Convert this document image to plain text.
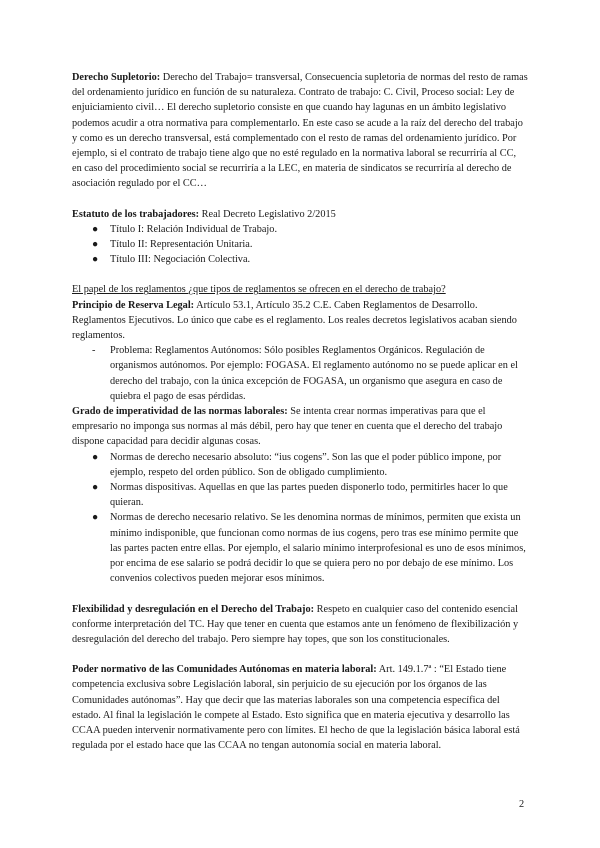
Derecho Supletorio: Derecho del Trabajo= transversal, Consecuencia supletoria de normas del resto de ramas del ordenamiento jurídico en función de su naturaleza. Contrato de trabajo: C. Civil, Proceso social: Ley de enjuiciamiento civil… El derecho supletorio consiste en que cuando hay lagunas en un ámbito legislativo podemos acudir a otra normativa para complementarlo. En este caso se acude a la raíz del derecho del trabajo y como es un derecho transversal, está complementado con el resto de ramas del ordenamiento jurídico. Por ejemplo, si el contrato de trabajo tiene algo que no esté regulado en la normativa laboral se recurriría al CC, en caso del procedimiento social se recurriría a la LEC, en materia de sindicatos se recurriría al derecho de asociación regulado por el CC…

Estatuto de los trabajadores: Real Decreto Legislativo 2/2015

● Título I: Relación Individual de Trabajo.
● Título II: Representación Unitaria.
● Título III: Negociación Colectiva.

El papel de los reglamentos ¿que tipos de reglamentos se ofrecen en el derecho de trabajo?

Principio de Reserva Legal: Artículo 53.1, Artículo 35.2 C.E. Caben Reglamentos de Desarrollo. Reglamentos Ejecutivos. Lo único que cabe es el reglamento. Los reales decretos legislativos acaban siendo reglamentos.

- Problema: Reglamentos Autónomos: Sólo posibles Reglamentos Orgánicos. Regulación de organismos autónomos. Por ejemplo: FOGASA. El reglamento autónomo no se puede aplicar en el derecho del trabajo, con la única excepción de FOGASA, un organismo que asegura en caso de quiebra el pago de esas pérdidas.

Grado de imperatividad de las normas laborales: Se intenta crear normas imperativas para que el empresario no imponga sus normas al más débil, pero hay que tener en cuenta que el derecho del trabajo dispone capacidad para decidir algunas cosas.

● Normas de derecho necesario absoluto: “ius cogens”. Son las que el poder público impone, por ejemplo, respeto del orden público. Son de obligado cumplimiento.
● Normas dispositivas. Aquellas en que las partes pueden disponerlo todo, permitirles hacer lo que quieran.
● Normas de derecho necesario relativo. Se les denomina normas de mínimos, permiten que exista un mínimo indisponible, que funcionan como normas de ius cogens, pero tras ese mínimo permite que las partes pacten entre ellas. Por ejemplo, el salario mínimo interprofesional es uno de esos mínimos, por encima de ese salario se podrá decidir lo que se quiera pero no por debajo de ese mínimo. Los convenios colectivos pueden mejorar esos mínimos.

Flexibilidad y desregulación en el Derecho del Trabajo: Respeto en cualquier caso del contenido esencial conforme interpretación del TC. Hay que tener en cuenta que estamos ante un fenómeno de flexibilización y desregulación del derecho del trabajo. Pero siempre hay topes, que son los constitucionales.

Poder normativo de las Comunidades Autónomas en materia laboral: Art. 149.1.7ª : “El Estado tiene competencia exclusiva sobre Legislación laboral, sin perjuicio de su ejecución por los órganos de las Comunidades autónomas”. Hay que decir que las materias laborales son una competencia específica del estado. Al final la legislación le compete al Estado. Esto significa que en materia ejecutiva y desarrollo las CCAA pueden intervenir normativamente pero con límites. El hecho de que la legislación básica laboral está regulada por el estado hace que las CCAA no tengan autonomía social en materia laboral.

2
